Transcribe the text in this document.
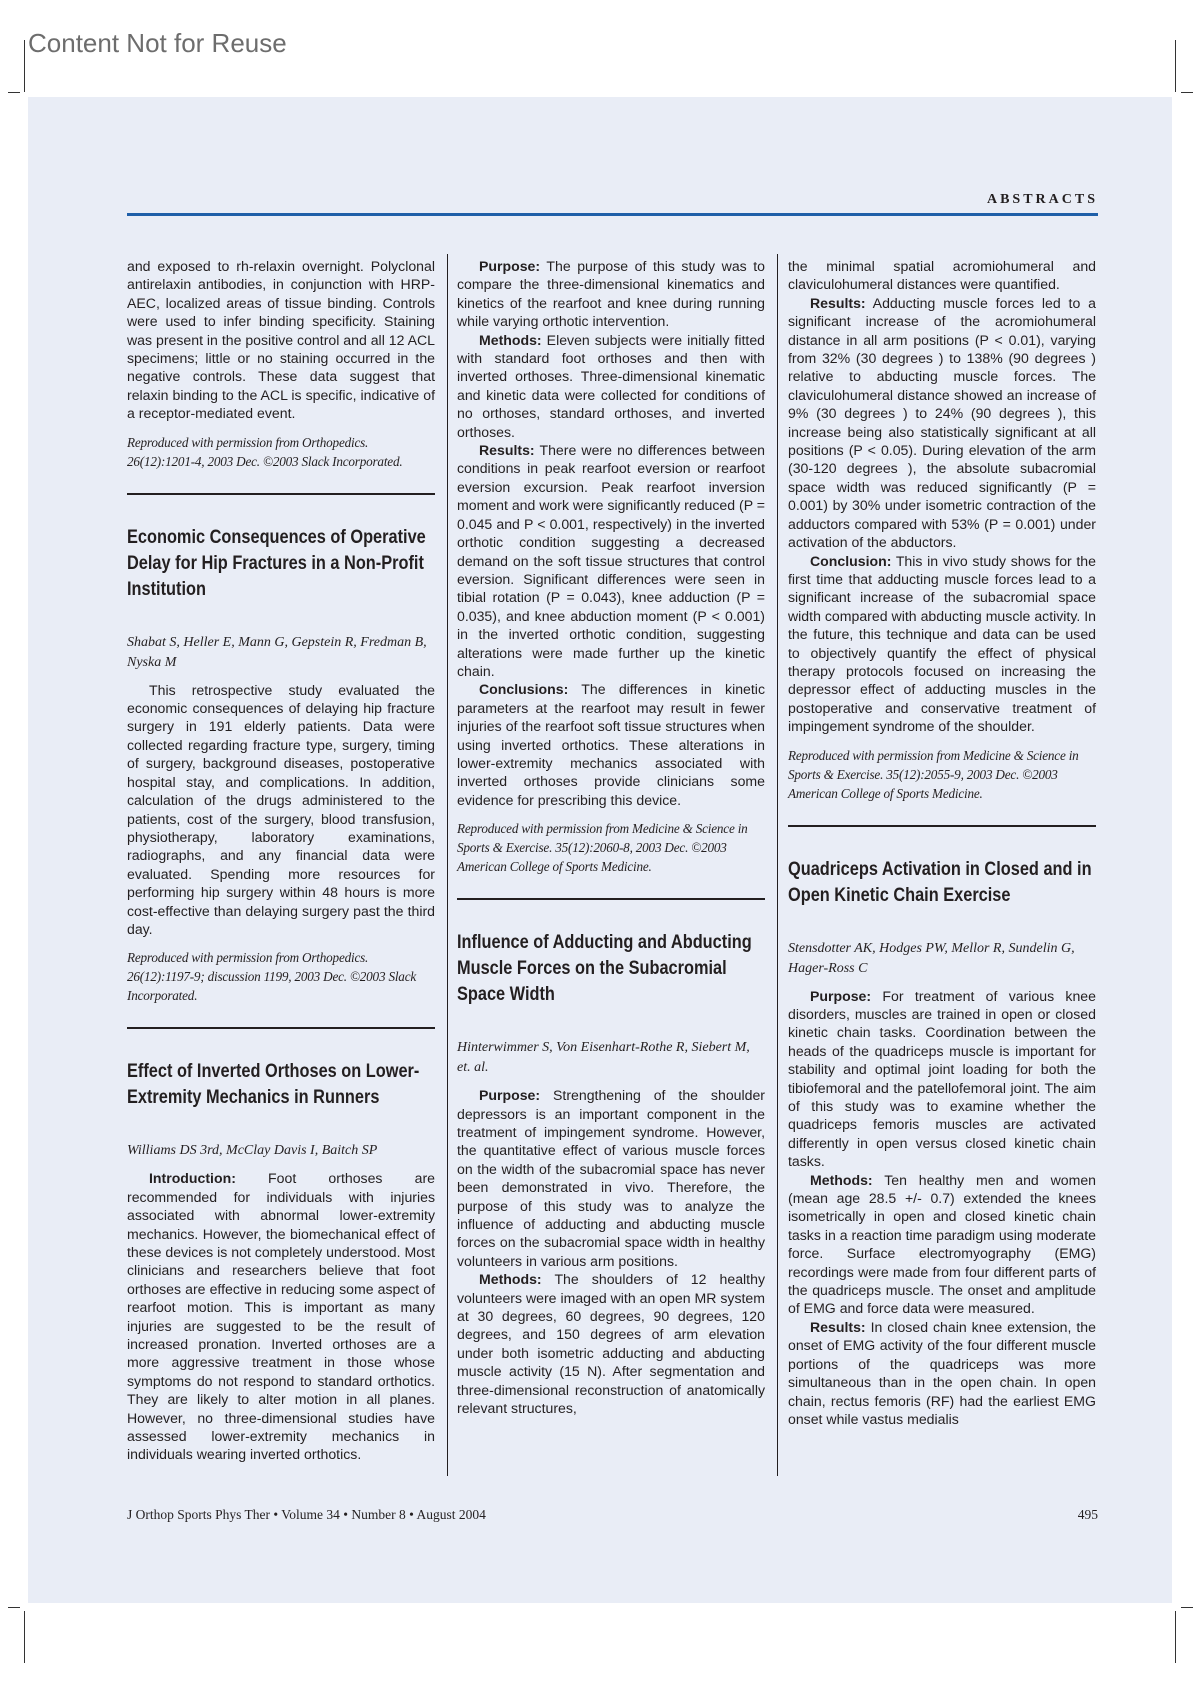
Content Not for Reuse
ABSTRACTS

and exposed to rh-relaxin overnight. Polyclonal antirelaxin antibodies, in conjunction with HRP-AEC, localized areas of tissue binding. Controls were used to infer binding specificity. Staining was present in the positive control and all 12 ACL specimens; little or no staining occurred in the negative controls. These data suggest that relaxin binding to the ACL is specific, indicative of a receptor-mediated event.

Reproduced with permission from Orthopedics. 26(12):1201-4, 2003 Dec. ©2003 Slack Incorporated.
Economic Consequences of Operative Delay for Hip Fractures in a Non-Profit Institution
Shabat S, Heller E, Mann G, Gepstein R, Fredman B, Nyska M

This retrospective study evaluated the economic consequences of delaying hip fracture surgery in 191 elderly patients. Data were collected regarding fracture type, surgery, timing of surgery, background diseases, postoperative hospital stay, and complications. In addition, calculation of the drugs administered to the patients, cost of the surgery, blood transfusion, physiotherapy, laboratory examinations, radiographs, and any financial data were evaluated. Spending more resources for performing hip surgery within 48 hours is more cost-effective than delaying surgery past the third day.

Reproduced with permission from Orthopedics. 26(12):1197-9; discussion 1199, 2003 Dec. ©2003 Slack Incorporated.
Effect of Inverted Orthoses on Lower-Extremity Mechanics in Runners
Williams DS 3rd, McClay Davis I, Baitch SP

Introduction: Foot orthoses are recommended for individuals with injuries associated with abnormal lower-extremity mechanics. However, the biomechanical effect of these devices is not completely understood. Most clinicians and researchers believe that foot orthoses are effective in reducing some aspect of rearfoot motion. This is important as many injuries are suggested to be the result of increased pronation. Inverted orthoses are a more aggressive treatment in those whose symptoms do not respond to standard orthotics. They are likely to alter motion in all planes. However, no three-dimensional studies have assessed lower-extremity mechanics in individuals wearing inverted orthotics.

Purpose: The purpose of this study was to compare the three-dimensional kinematics and kinetics of the rearfoot and knee during running while varying orthotic intervention.

Methods: Eleven subjects were initially fitted with standard foot orthoses and then with inverted orthoses. Three-dimensional kinematic and kinetic data were collected for conditions of no orthoses, standard orthoses, and inverted orthoses.

Results: There were no differences between conditions in peak rearfoot eversion or rearfoot eversion excursion. Peak rearfoot inversion moment and work were significantly reduced (P = 0.045 and P < 0.001, respectively) in the inverted orthotic condition suggesting a decreased demand on the soft tissue structures that control eversion. Significant differences were seen in tibial rotation (P = 0.043), knee adduction (P = 0.035), and knee abduction moment (P < 0.001) in the inverted orthotic condition, suggesting alterations were made further up the kinetic chain.

Conclusions: The differences in kinetic parameters at the rearfoot may result in fewer injuries of the rearfoot soft tissue structures when using inverted orthotics. These alterations in lower-extremity mechanics associated with inverted orthoses provide clinicians some evidence for prescribing this device.

Reproduced with permission from Medicine & Science in Sports & Exercise. 35(12):2060-8, 2003 Dec. ©2003 American College of Sports Medicine.
Influence of Adducting and Abducting Muscle Forces on the Subacromial Space Width
Hinterwimmer S, Von Eisenhart-Rothe R, Siebert M, et. al.

Purpose: Strengthening of the shoulder depressors is an important component in the treatment of impingement syndrome. However, the quantitative effect of various muscle forces on the width of the subacromial space has never been demonstrated in vivo. Therefore, the purpose of this study was to analyze the influence of adducting and abducting muscle forces on the subacromial space width in healthy volunteers in various arm positions.

Methods: The shoulders of 12 healthy volunteers were imaged with an open MR system at 30 degrees, 60 degrees, 90 degrees, 120 degrees, and 150 degrees of arm elevation under both isometric adducting and abducting muscle activity (15 N). After segmentation and three-dimensional reconstruction of anatomically relevant structures,

the minimal spatial acromiohumeral and claviculohumeral distances were quantified.

Results: Adducting muscle forces led to a significant increase of the acromiohumeral distance in all arm positions (P < 0.01), varying from 32% (30 degrees ) to 138% (90 degrees ) relative to abducting muscle forces. The claviculohumeral distance showed an increase of 9% (30 degrees ) to 24% (90 degrees ), this increase being also statistically significant at all positions (P < 0.05). During elevation of the arm (30-120 degrees ), the absolute subacromial space width was reduced significantly (P = 0.001) by 30% under isometric contraction of the adductors compared with 53% (P = 0.001) under activation of the abductors.

Conclusion: This in vivo study shows for the first time that adducting muscle forces lead to a significant increase of the subacromial space width compared with abducting muscle activity. In the future, this technique and data can be used to objectively quantify the effect of physical therapy protocols focused on increasing the depressor effect of adducting muscles in the postoperative and conservative treatment of impingement syndrome of the shoulder.

Reproduced with permission from Medicine & Science in Sports & Exercise. 35(12):2055-9, 2003 Dec. ©2003 American College of Sports Medicine.
Quadriceps Activation in Closed and in Open Kinetic Chain Exercise
Stensdotter AK, Hodges PW, Mellor R, Sundelin G, Hager-Ross C

Purpose: For treatment of various knee disorders, muscles are trained in open or closed kinetic chain tasks. Coordination between the heads of the quadriceps muscle is important for stability and optimal joint loading for both the tibiofemoral and the patellofemoral joint. The aim of this study was to examine whether the quadriceps femoris muscles are activated differently in open versus closed kinetic chain tasks.

Methods: Ten healthy men and women (mean age 28.5 +/- 0.7) extended the knees isometrically in open and closed kinetic chain tasks in a reaction time paradigm using moderate force. Surface electromyography (EMG) recordings were made from four different parts of the quadriceps muscle. The onset and amplitude of EMG and force data were measured.

Results: In closed chain knee extension, the onset of EMG activity of the four different muscle portions of the quadriceps was more simultaneous than in the open chain. In open chain, rectus femoris (RF) had the earliest EMG onset while vastus medialis

J Orthop Sports Phys Ther • Volume 34 • Number 8 • August 2004	495
